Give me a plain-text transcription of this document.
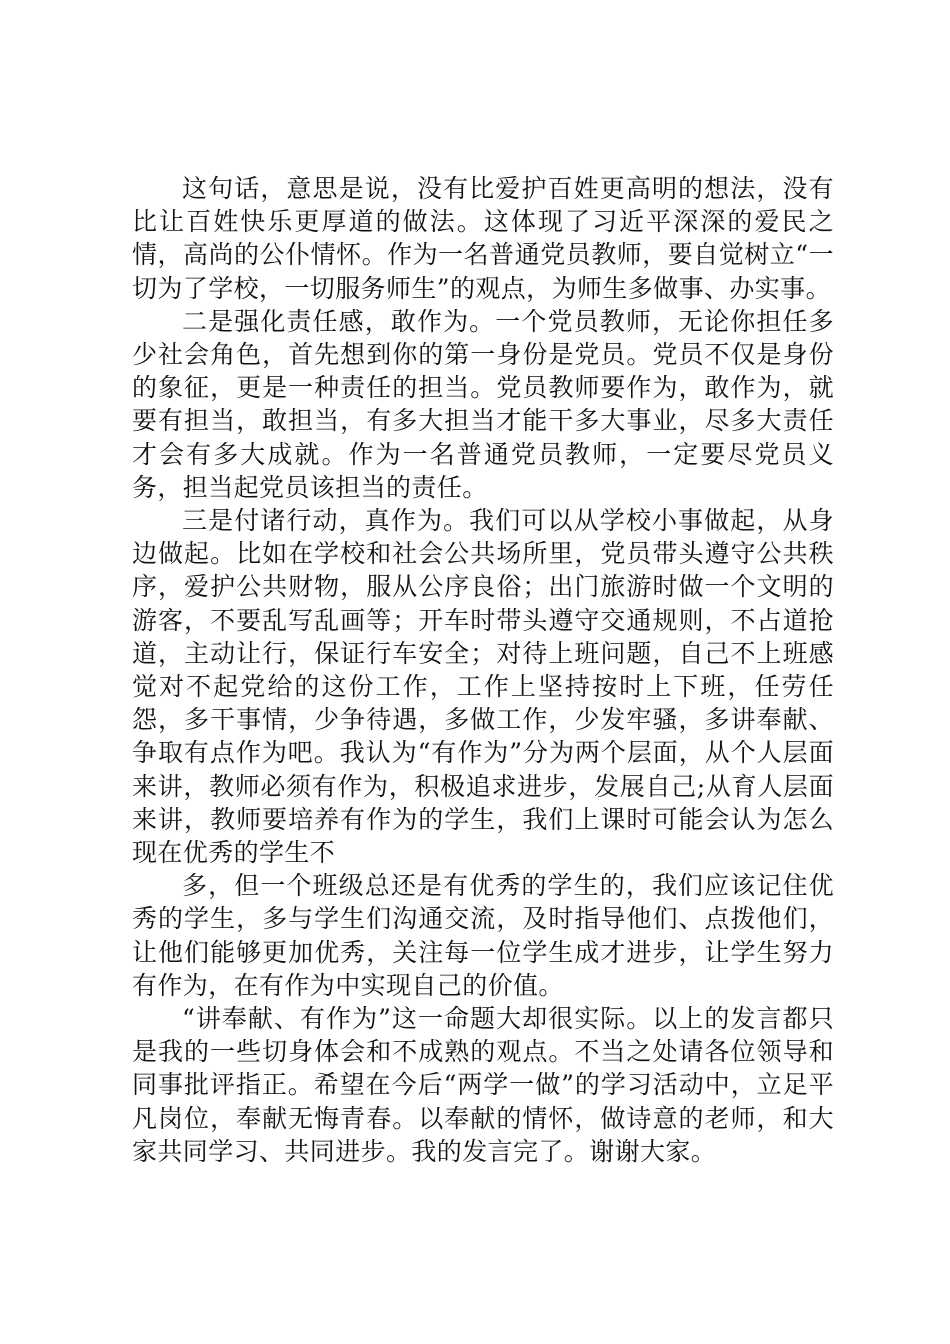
这句话，意思是说，没有比爱护百姓更高明的想法，没有比让百姓快乐更厚道的做法。这体现了习近平深深的爱民之情，高尚的公仆情怀。作为一名普通党员教师，要自觉树立“一切为了学校，一切服务师生”的观点，为师生多做事、办实事。

二是强化责任感，敢作为。一个党员教师，无论你担任多少社会角色，首先想到你的第一身份是党员。党员不仅是身份的象征，更是一种责任的担当。党员教师要作为，敢作为，就要有担当，敢担当，有多大担当才能干多大事业，尽多大责任才会有多大成就。作为一名普通党员教师，一定要尽党员义务，担当起党员该担当的责任。

三是付诸行动，真作为。我们可以从学校小事做起，从身边做起。比如在学校和社会公共场所里，党员带头遵守公共秩序，爱护公共财物，服从公序良俗；出门旅游时做一个文明的游客，不要乱写乱画等；开车时带头遵守交通规则，不占道抢道，主动让行，保证行车安全；对待上班问题，自己不上班感觉对不起党给的这份工作，工作上坚持按时上下班，任劳任怨，多干事情，少争待遇，多做工作，少发牢骚，多讲奉献、争取有点作为吧。我认为“有作为”分为两个层面，从个人层面来讲，教师必须有作为，积极追求进步，发展自己;从育人层面来讲，教师要培养有作为的学生，我们上课时可能会认为怎么现在优秀的学生不

多，但一个班级总还是有优秀的学生的，我们应该记住优秀的学生，多与学生们沟通交流，及时指导他们、点拨他们，让他们能够更加优秀，关注每一位学生成才进步，让学生努力有作为，在有作为中实现自己的价值。

“讲奉献、有作为”这一命题大却很实际。以上的发言都只是我的一些切身体会和不成熟的观点。不当之处请各位领导和同事批评指正。希望在今后“两学一做”的学习活动中，立足平凡岗位，奉献无悔青春。以奉献的情怀，做诗意的老师，和大家共同学习、共同进步。我的发言完了。谢谢大家。
